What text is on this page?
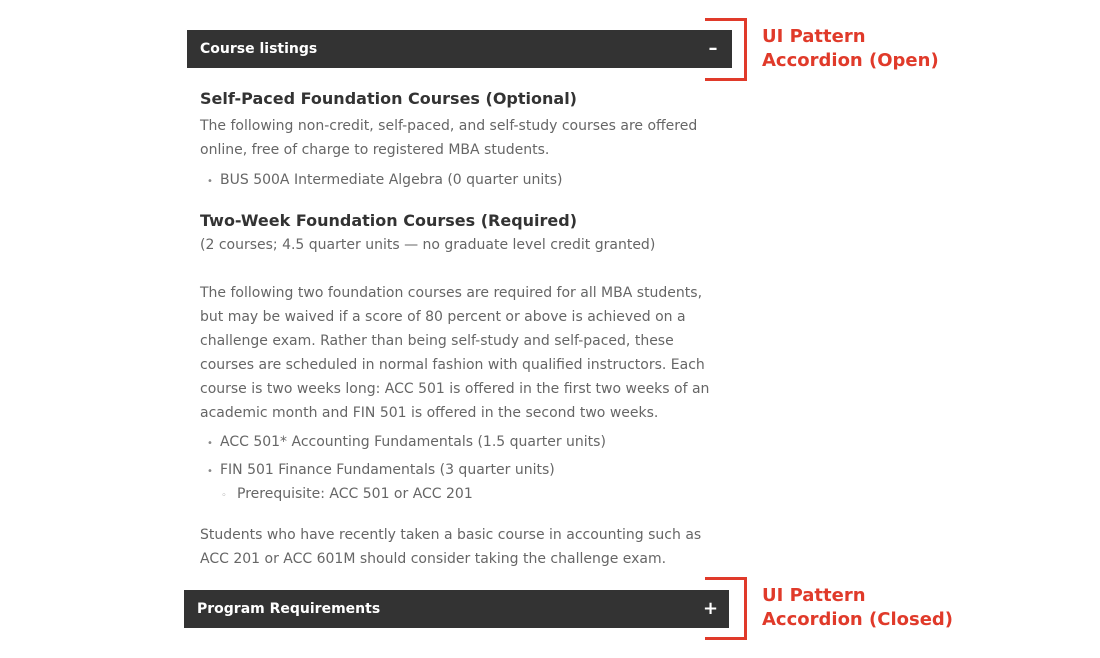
Course listings	–
Self-Paced Foundation Courses (Optional)

The following non-credit, self-paced, and self-study courses are offered online, free of charge to registered MBA students.

• BUS 500A Intermediate Algebra (0 quarter units)
Two-Week Foundation Courses (Required)

(2 courses; 4.5 quarter units — no graduate level credit granted)

The following two foundation courses are required for all MBA students, but may be waived if a score of 80 percent or above is achieved on a challenge exam. Rather than being self-study and self-paced, these courses are scheduled in normal fashion with qualified instructors. Each course is two weeks long: ACC 501 is offered in the first two weeks of an academic month and FIN 501 is offered in the second two weeks.

• ACC 501* Accounting Fundamentals (1.5 quarter units)
• FIN 501 Finance Fundamentals (3 quarter units)
◦ Prerequisite: ACC 501 or ACC 201

Students who have recently taken a basic course in accounting such as ACC 201 or ACC 601M should consider taking the challenge exam.

Program Requirements	+
UI Pattern
Accordion (Open)
UI Pattern
Accordion (Closed)
